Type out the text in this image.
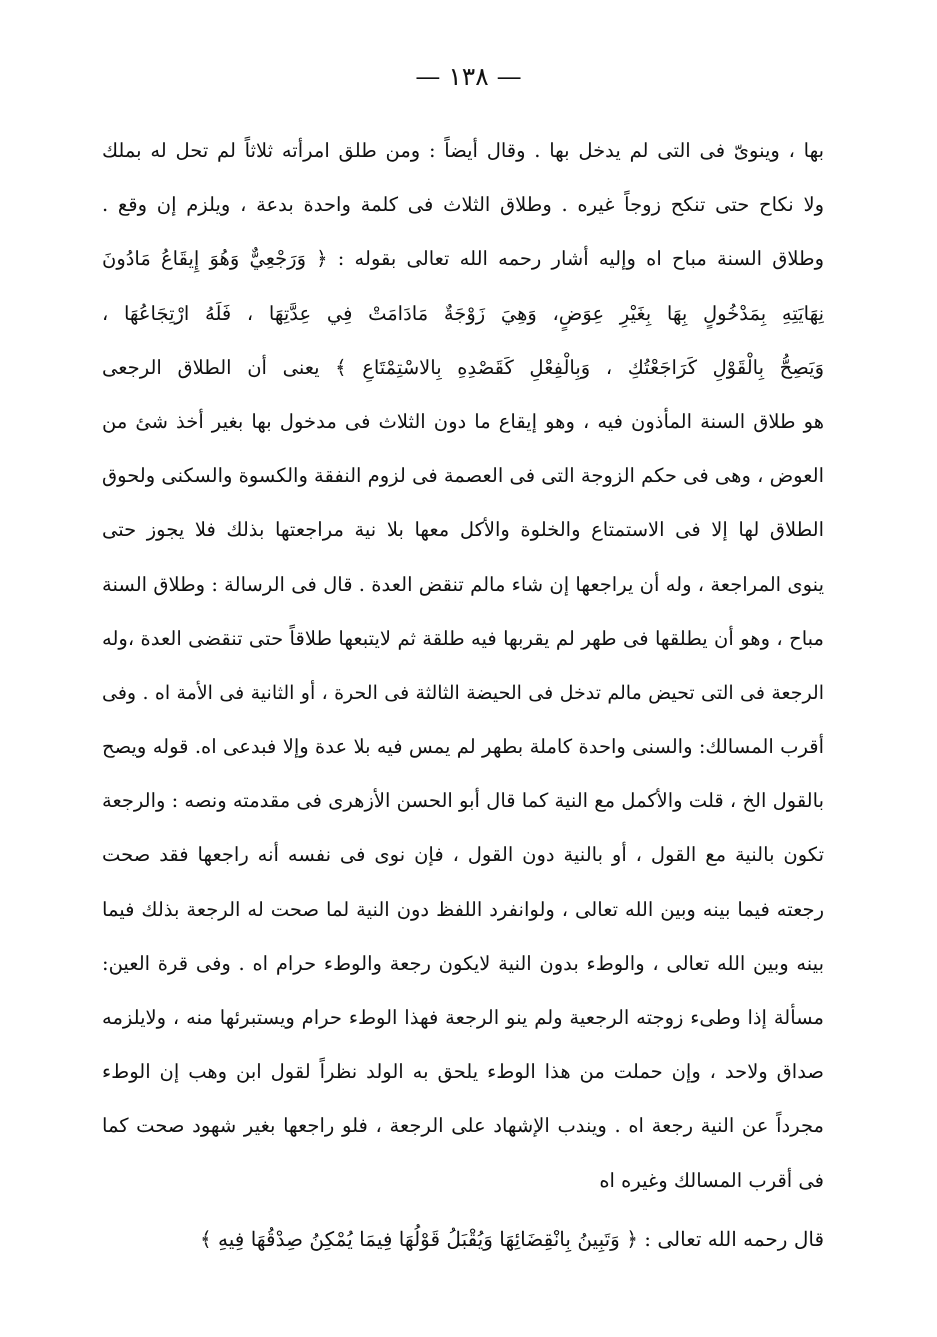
— ١٣٨ —
بها ، وينوىّ فى التى لم يدخل بها . وقال أيضاً : ومن طلق امرأته ثلاثاً لم تحل له بملك
ولا نكاح حتى تنكح زوجاً غيره . وطلاق الثلاث فى كلمة واحدة بدعة ، ويلزم إن وقع .
وطلاق السنة مباح اه وإليه أشار رحمه الله تعالى بقوله : ﴿ وَرَجْعِيٌّ وَهُوَ إِيقَاعُ مَادُونَ
نِهَايَتِهِ بِمَدْخُولٍ بِهَا بِغَيْرِ عِوَضٍ، وَهِيَ زَوْجَةٌ مَادَامَتْ فِي عِدَّتِهَا ، فَلَهُ ارْتِجَاعُهَا ،
وَيَصِحُّ بِالْقَوْلِ كَرَاجَعْتُكِ ، وَبِالْفِعْلِ كَقَصْدِهِ بِالاسْتِمْتَاعِ ﴾ يعنى أن الطلاق الرجعى
هو طلاق السنة المأذون فيه ، وهو إيقاع ما دون الثلاث فى مدخول بها بغير أخذ شئ من
العوض ، وهى فى حكم الزوجة التى فى العصمة فى لزوم النفقة والكسوة والسكنى ولحوق
الطلاق لها إلا فى الاستمتاع والخلوة والأكل معها بلا نية مراجعتها بذلك فلا يجوز حتى
ينوى المراجعة ، وله أن يراجعها إن شاء مالم تنقض العدة . قال فى الرسالة : وطلاق السنة
مباح ، وهو أن يطلقها فى طهر لم يقربها فيه طلقة ثم لايتبعها طلاقاً حتى تنقضى العدة ،وله
الرجعة فى التى تحيض مالم تدخل فى الحيضة الثالثة فى الحرة ، أو الثانية فى الأمة اه . وفى
أقرب المسالك: والسنى واحدة كاملة بطهر لم يمس فيه بلا عدة وإلا فبدعى اه. قوله ويصح
بالقول الخ ، قلت والأكمل مع النية كما قال أبو الحسن الأزهرى فى مقدمته ونصه : والرجعة
تكون بالنية مع القول ، أو بالنية دون القول ، فإن نوى فى نفسه أنه راجعها فقد صحت
رجعته فيما بينه وبين الله تعالى ، ولوانفرد اللفظ دون النية لما صحت له الرجعة بذلك فيما
بينه وبين الله تعالى ، والوطء بدون النية لايكون رجعة والوطء حرام اه . وفى قرة العين:
مسألة إذا وطىء زوجته الرجعية ولم ينو الرجعة فهذا الوطء حرام ويستبرئها منه ، ولايلزمه
صداق ولاحد ، وإن حملت من هذا الوطء يلحق به الولد نظراً لقول ابن وهب إن الوطء
مجرداً عن النية رجعة اه . ويندب الإشهاد على الرجعة ، فلو راجعها بغير شهود صحت كما
فى أقرب المسالك وغيره اه
قال رحمه الله تعالى : ﴿ وَتَبِينُ بِانْقِضَائِهَا وَيُقْبَلُ قَوْلُهَا فِيمَا يُمْكِنُ صِدْقُهَا فِيهِ ﴾
